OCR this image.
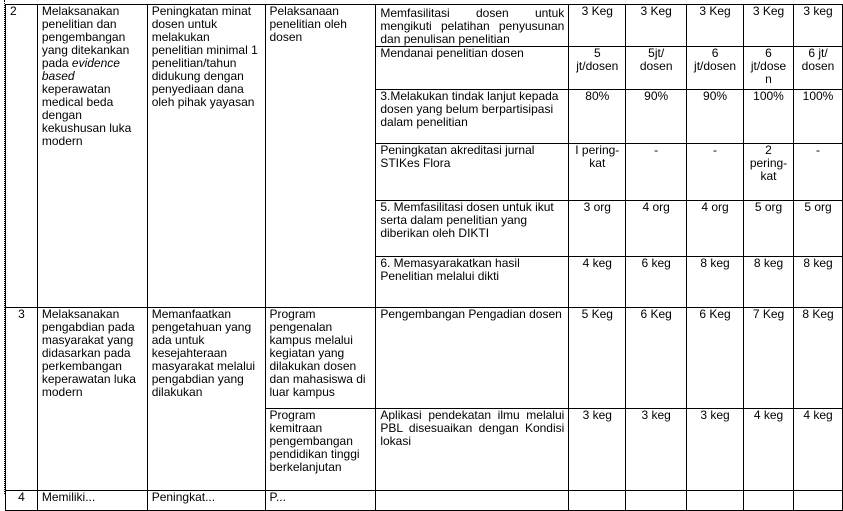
2	Melaksanakan penelitian dan pengembangan yang ditekankan pada evidence based keperawatan medical beda dengan kekushusan luka modern	Peningkatan minat dosen untuk melakukan penelitian minimal 1 penelitian/tahun didukung dengan penyediaan dana oleh pihak yayasan	Pelaksanaan penelitian oleh dosen	Memfasilitasi dosen untuk mengikuti pelatihan penyusunan dan penulisan penelitian	3 Keg	3 Keg	3 Keg	3 Keg	3 keg
				Mendanai penelitian dosen	5 jt/dosen	5jt/ dosen	6 jt/dosen	6 jt/dose n	6 jt/ dosen
				3.Melakukan tindak lanjut kepada dosen yang belum berpartisipasi dalam penelitian	80%	90%	90%	100%	100%
				Peningkatan akreditasi jurnal STIKes Flora	I pering-kat	-	-	2 pering-kat	-
				5. Memfasilitasi dosen untuk ikut serta dalam penelitian yang diberikan oleh DIKTI	3 org	4 org	4 org	5 org	5 org
				6. Memasyarakatkan hasil Penelitian melalui dikti	4 keg	6 keg	8 keg	8 keg	8 keg
3	Melaksanakan pengabdian pada masyarakat yang didasarkan pada perkembangan keperawatan luka modern	Memanfaatkan pengetahuan yang ada untuk kesejahteraan masyarakat melalui pengabdian yang dilakukan	Program pengenalan kampus melalui kegiatan yang dilakukan dosen dan mahasiswa di luar kampus	Pengembangan Pengadian dosen	5 Keg	6 Keg	6 Keg	7 Keg	8 Keg
			Program kemitraan pengembangan pendidikan tinggi berkelanjutan	Aplikasi pendekatan ilmu melalui PBL disesuaikan dengan Kondisi lokasi	3 keg	3 keg	3 keg	4 keg	4 keg
4	Memiliki...	Peningkat...	P...						
